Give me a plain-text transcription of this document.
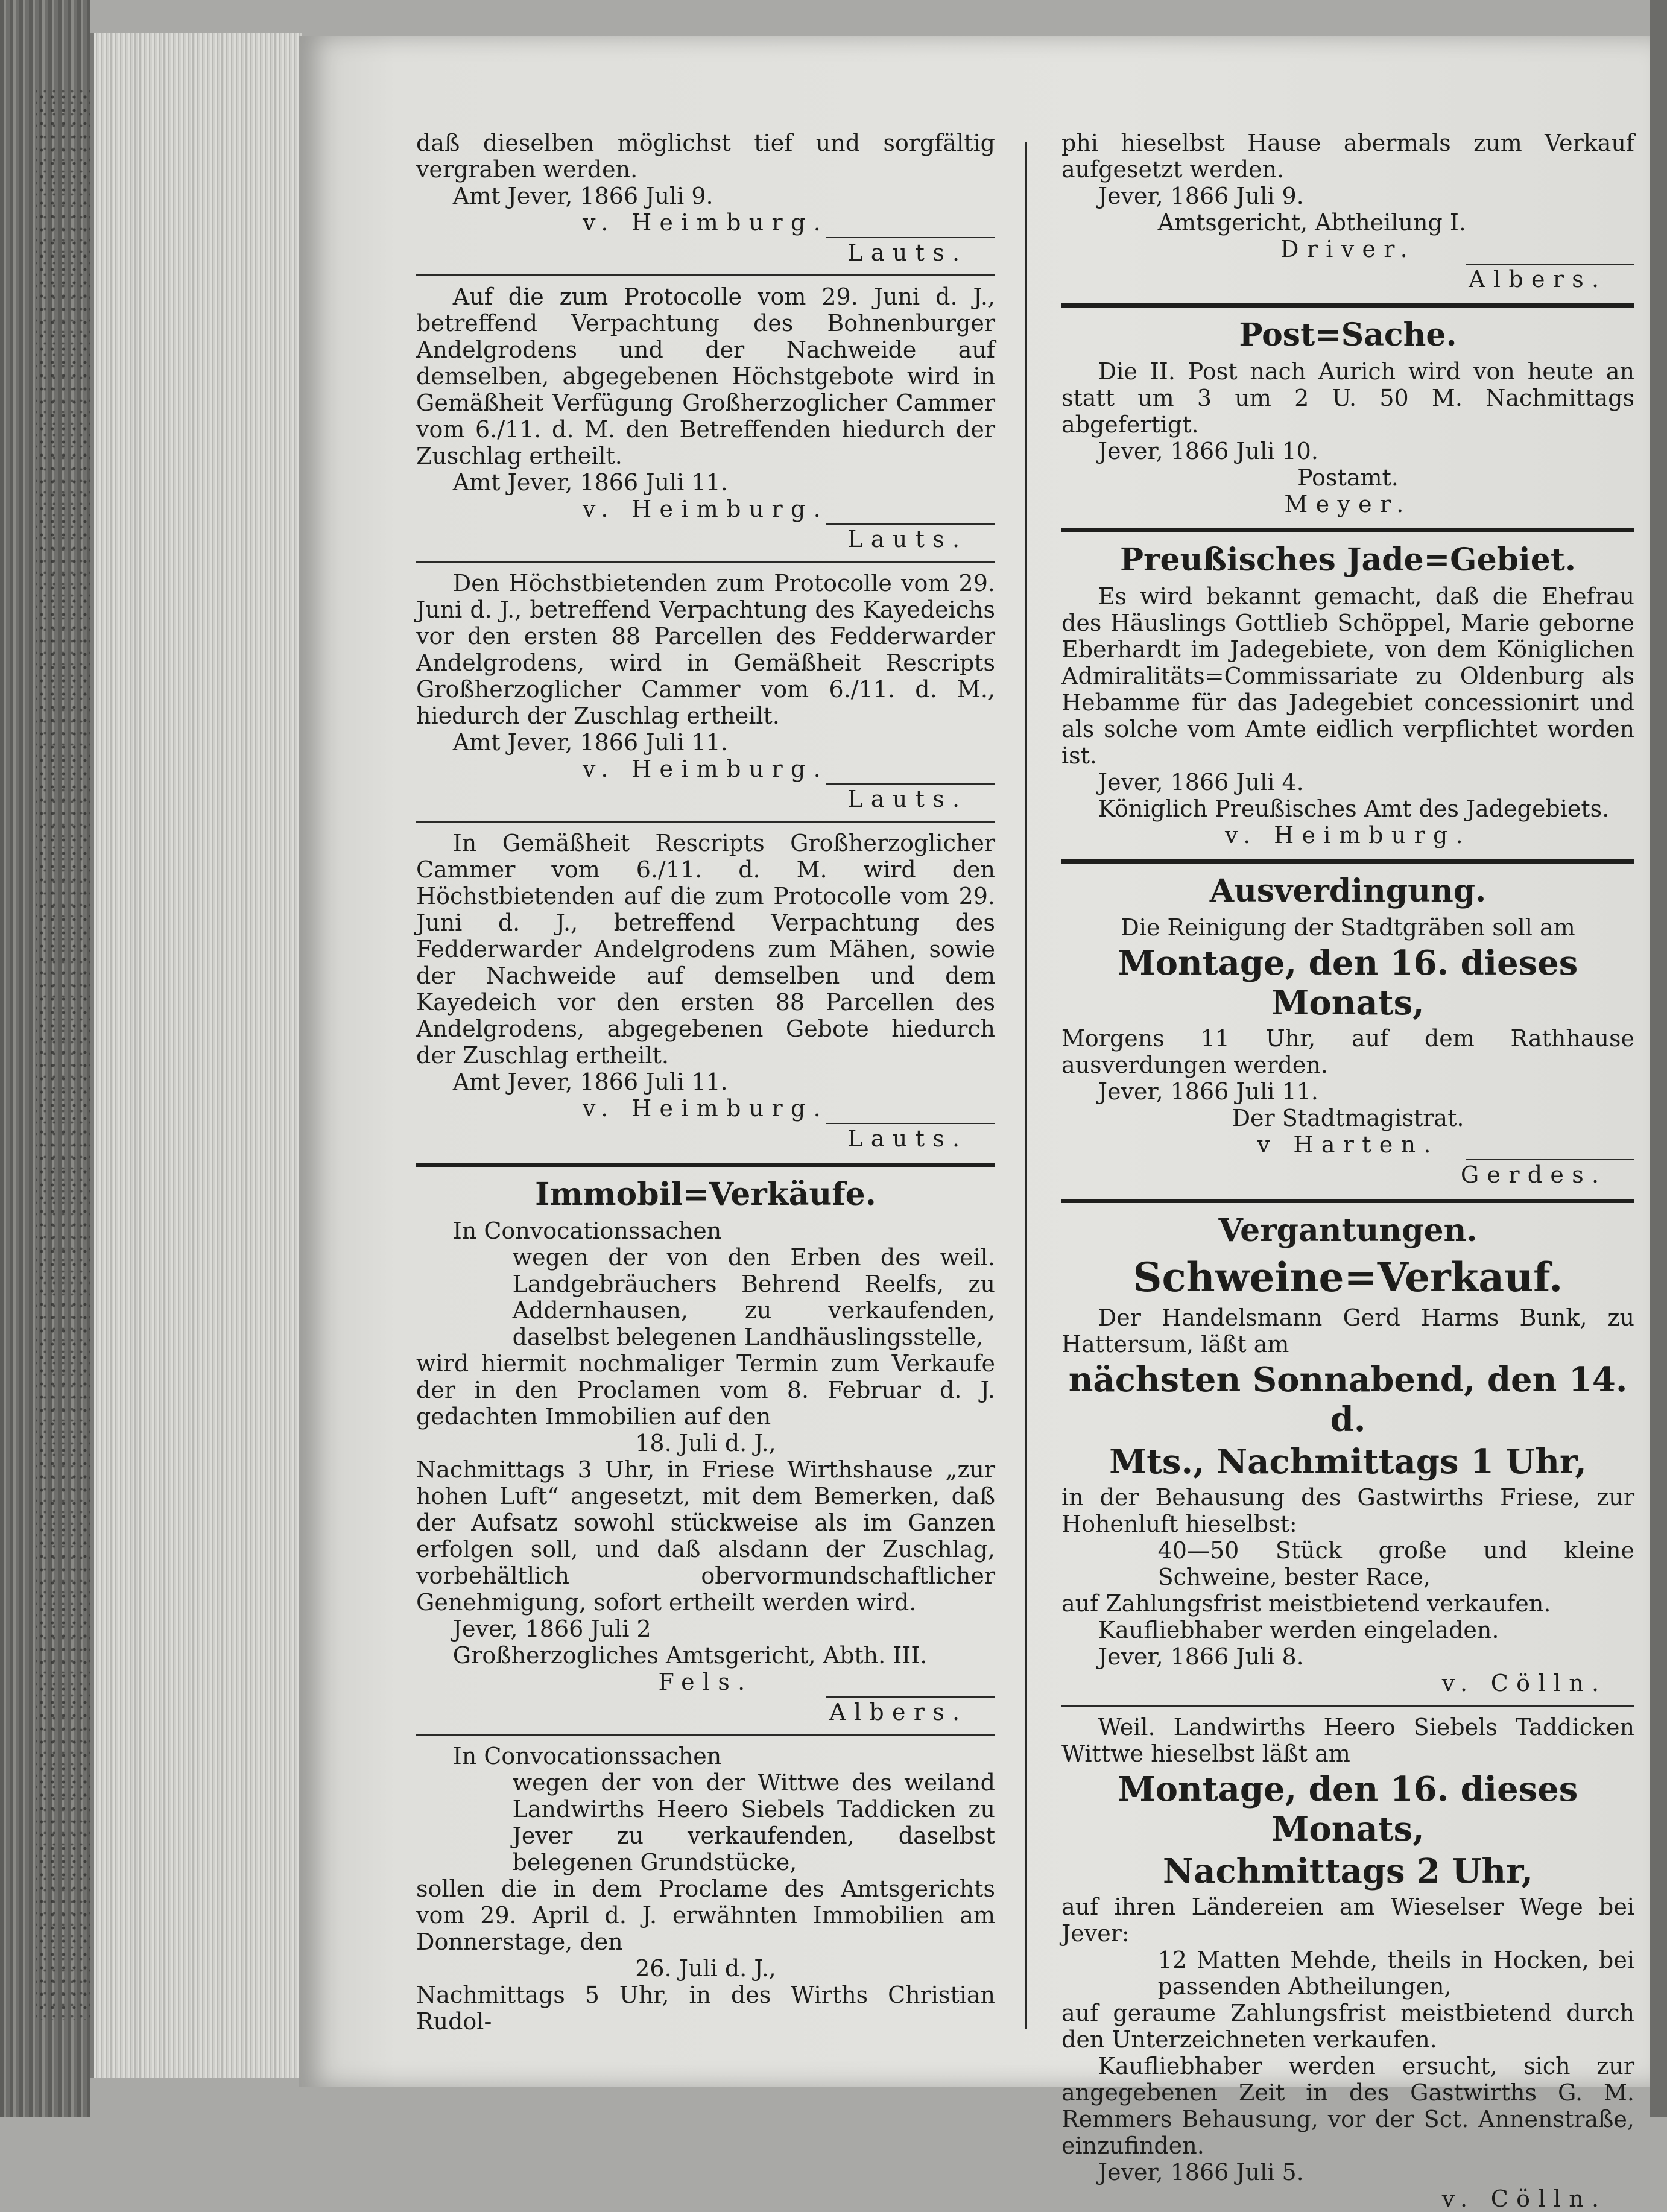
daß dieselben möglichst tief und sorgfältig vergraben werden.

Amt Jever, 1866 Juli 9.

v. Heimburg.

Lauts.

Auf die zum Protocolle vom 29. Juni d. J., betreffend Verpachtung des Bohnenburger Andelgrodens und der Nachweide auf demselben, abgegebenen Höchstgebote wird in Gemäßheit Verfügung Großherzoglicher Cammer vom 6./11. d. M. den Betreffenden hiedurch der Zuschlag ertheilt.

Amt Jever, 1866 Juli 11.

v. Heimburg.

Lauts.

Den Höchstbietenden zum Protocolle vom 29. Juni d. J., betreffend Verpachtung des Kayedeichs vor den ersten 88 Parcellen des Fedderwarder Andelgrodens, wird in Gemäßheit Rescripts Großherzoglicher Cammer vom 6./11. d. M., hiedurch der Zuschlag ertheilt.

Amt Jever, 1866 Juli 11.

v. Heimburg.

Lauts.

In Gemäßheit Rescripts Großherzoglicher Cammer vom 6./11. d. M. wird den Höchstbietenden auf die zum Protocolle vom 29. Juni d. J., betreffend Verpachtung des Fedderwarder Andelgrodens zum Mähen, sowie der Nachweide auf demselben und dem Kayedeich vor den ersten 88 Parcellen des Andelgrodens, abgegebenen Gebote hiedurch der Zuschlag ertheilt.

Amt Jever, 1866 Juli 11.

v. Heimburg.

Lauts.

Immobil=Verkäufe.

In Convocationssachen

wegen der von den Erben des weil. Landgebräuchers Behrend Reelfs, zu Addernhausen, zu verkaufenden, daselbst belegenen Landhäuslingsstelle,

wird hiermit nochmaliger Termin zum Verkaufe der in den Proclamen vom 8. Februar d. J. gedachten Immobilien auf den

18. Juli d. J.,

Nachmittags 3 Uhr, in Friese Wirthshause „zur hohen Luft“ angesetzt, mit dem Bemerken, daß der Aufsatz sowohl stückweise als im Ganzen erfolgen soll, und daß alsdann der Zuschlag, vorbehältlich obervormundschaftlicher Genehmigung, sofort ertheilt werden wird.

Jever, 1866 Juli 2

Großherzogliches Amtsgericht, Abth. III.

Fels.

Albers.

In Convocationssachen

wegen der von der Wittwe des weiland Landwirths Heero Siebels Taddicken zu Jever zu verkaufenden, daselbst belegenen Grundstücke,

sollen die in dem Proclame des Amtsgerichts vom 29. April d. J. erwähnten Immobilien am Donnerstage, den

26. Juli d. J.,

Nachmittags 5 Uhr, in des Wirths Christian Rudol-

phi hieselbst Hause abermals zum Verkauf aufgesetzt werden.

Jever, 1866 Juli 9.

Amtsgericht, Abtheilung I.

Driver.

Albers.

Post=Sache.

Die II. Post nach Aurich wird von heute an statt um 3 um 2 U. 50 M. Nachmittags abgefertigt.

Jever, 1866 Juli 10.

Postamt.

Meyer.

Preußisches Jade=Gebiet.

Es wird bekannt gemacht, daß die Ehefrau des Häuslings Gottlieb Schöppel, Marie geborne Eberhardt im Jadegebiete, von dem Königlichen Admiralitäts=Commissariate zu Oldenburg als Hebamme für das Jadegebiet concessionirt und als solche vom Amte eidlich verpflichtet worden ist.

Jever, 1866 Juli 4.

Königlich Preußisches Amt des Jadegebiets.

v. Heimburg.

Ausverdingung.

Die Reinigung der Stadtgräben soll am

Montage, den 16. dieses Monats,

Morgens 11 Uhr, auf dem Rathhause ausverdungen werden.

Jever, 1866 Juli 11.

Der Stadtmagistrat.

v Harten.

Gerdes.

Vergantungen.

Schweine=Verkauf.

Der Handelsmann Gerd Harms Bunk, zu Hattersum, läßt am

nächsten Sonnabend, den 14. d.

Mts., Nachmittags 1 Uhr,

in der Behausung des Gastwirths Friese, zur Hohenluft hieselbst:

40—50 Stück große und kleine Schweine, bester Race,

auf Zahlungsfrist meistbietend verkaufen.

Kaufliebhaber werden eingeladen.

Jever, 1866 Juli 8.

v. Cölln.

Weil. Landwirths Heero Siebels Taddicken Wittwe hieselbst läßt am

Montage, den 16. dieses Monats,

Nachmittags 2 Uhr,

auf ihren Ländereien am Wieselser Wege bei Jever:

12 Matten Mehde, theils in Hocken, bei passenden Abtheilungen,

auf geraume Zahlungsfrist meistbietend durch den Unterzeichneten verkaufen.

Kaufliebhaber werden ersucht, sich zur angegebenen Zeit in des Gastwirths G. M. Remmers Behausung, vor der Sct. Annenstraße, einzufinden.

Jever, 1866 Juli 5.

v. Cölln.
